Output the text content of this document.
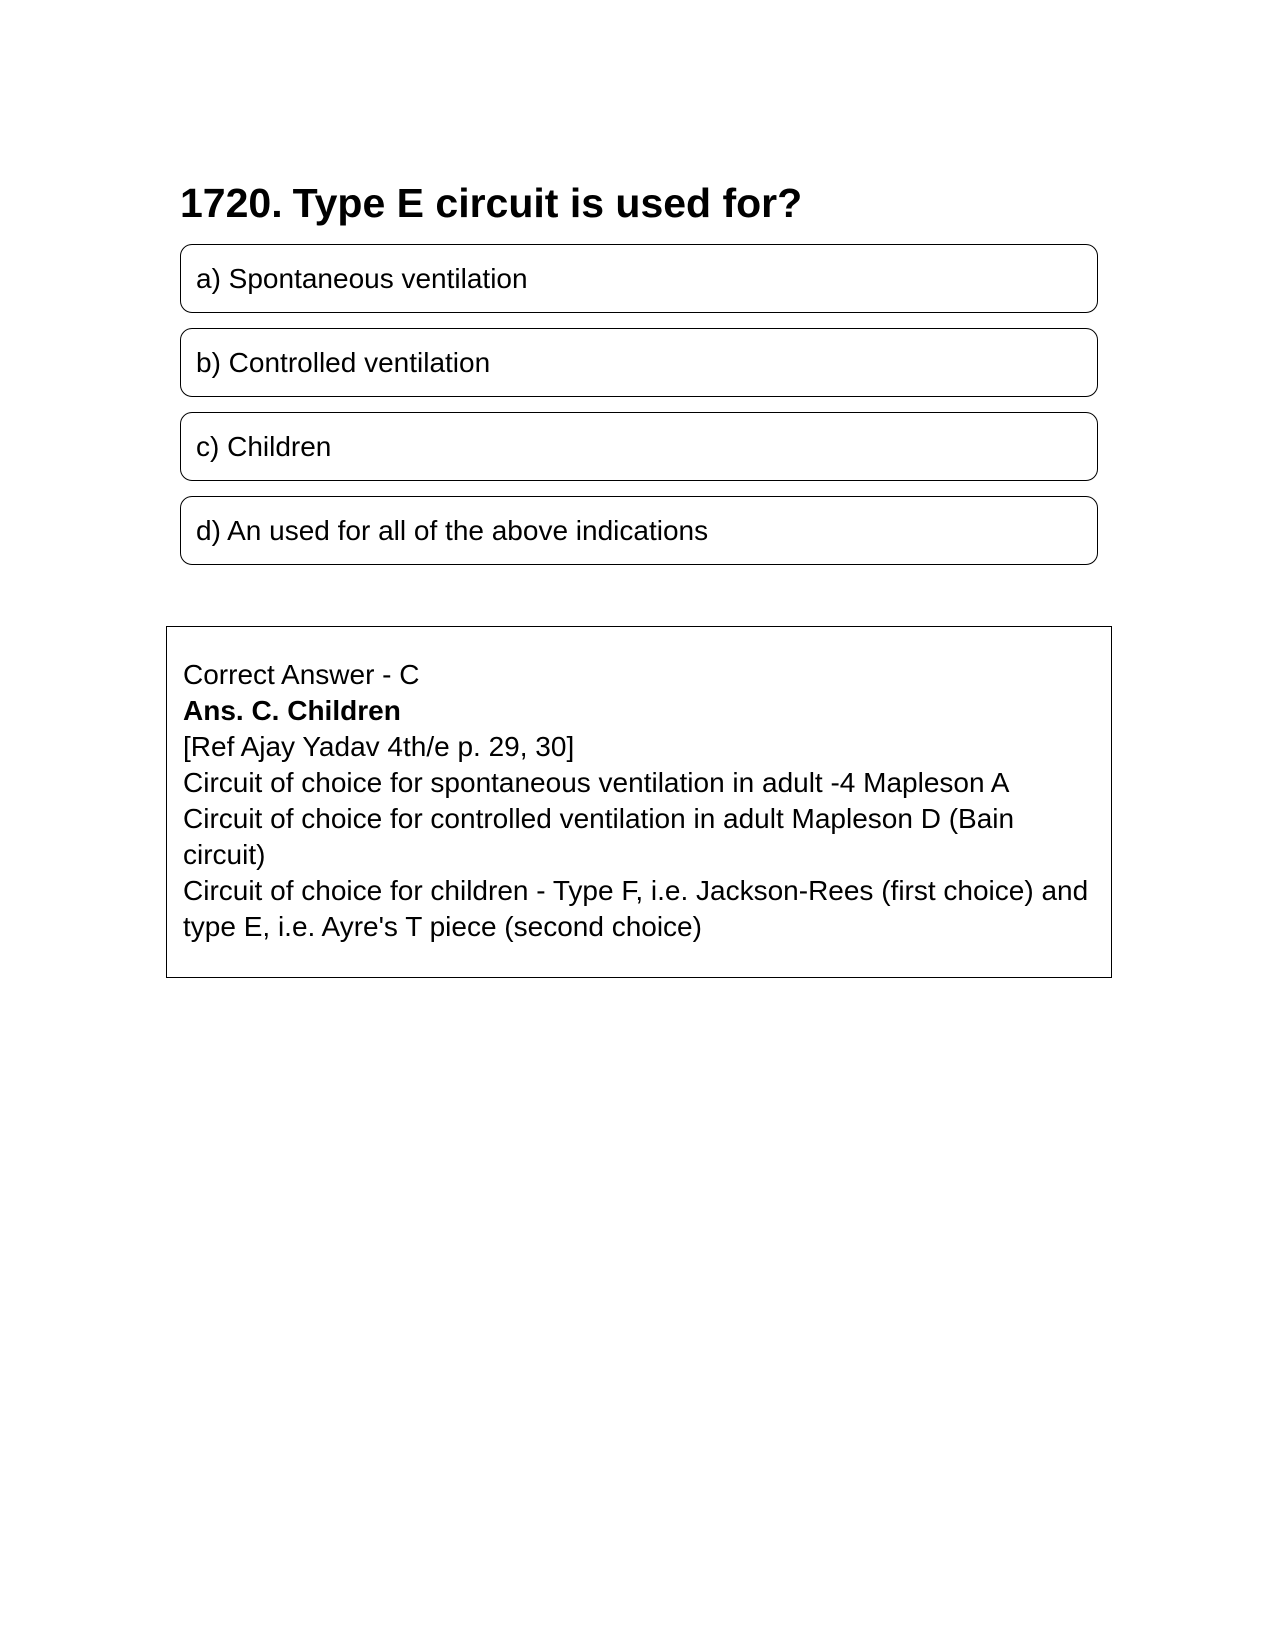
1720. Type E circuit is used for?
a) Spontaneous ventilation
b) Controlled ventilation
c) Children
d) An used for all of the above indications

Correct Answer - C

Ans. C. Children

[Ref Ajay Yadav 4th/e p. 29, 30]

Circuit of choice for spontaneous ventilation in adult -4 Mapleson A

Circuit of choice for controlled ventilation in adult Mapleson D (Bain circuit)

Circuit of choice for children - Type F, i.e. Jackson-Rees (first choice) and type E, i.e. Ayre's T piece (second choice)
